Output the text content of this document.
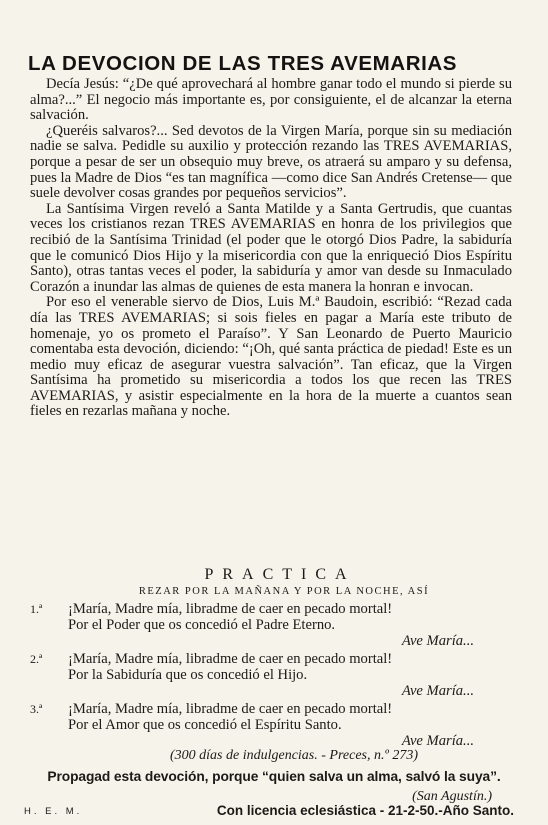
LA DEVOCION DE LAS TRES AVEMARIAS

Decía Jesús: “¿De qué aprovechará al hombre ganar todo el mundo si pierde su alma?...” El negocio más importante es, por consiguiente, el de alcanzar la eterna salvación.

¿Queréis salvaros?... Sed devotos de la Virgen María, porque sin su mediación nadie se salva. Pedidle su auxilio y protección rezando las TRES AVEMARIAS, porque a pesar de ser un obsequio muy breve, os atraerá su amparo y su defensa, pues la Madre de Dios “es tan magnífica —como dice San Andrés Cretense— que suele devolver cosas grandes por pequeños servicios”.

La Santísima Virgen reveló a Santa Matilde y a Santa Gertrudis, que cuantas veces los cristianos rezan TRES AVEMARIAS en honra de los privilegios que recibió de la Santísima Trinidad (el poder que le otorgó Dios Padre, la sabiduría que le comunicó Dios Hijo y la misericordia con que la enriqueció Dios Espíritu Santo), otras tantas veces el poder, la sabiduría y amor van desde su Inmaculado Corazón a inundar las almas de quienes de esta manera la honran e invocan.

Por eso el venerable siervo de Dios, Luis M.ª Baudoin, escribió: “Rezad cada día las TRES AVEMARIAS; si sois fieles en pagar a María este tributo de homenaje, yo os prometo el Paraíso”. Y San Leonardo de Puerto Mauricio comentaba esta devoción, diciendo: “¡Oh, qué santa práctica de piedad! Este es un medio muy eficaz de asegurar vuestra salvación”. Tan eficaz, que la Virgen Santísima ha prometido su misericordia a todos los que recen las TRES AVEMARIAS, y asistir especialmente en la hora de la muerte a cuantos sean fieles en rezarlas mañana y noche.

PRACTICA
REZAR POR LA MAÑANA Y POR LA NOCHE, ASÍ
1.ª ¡María, Madre mía, libradme de caer en pecado mortal!
Por el Poder que os concedió el Padre Eterno.
Ave María...
2.ª ¡María, Madre mía, libradme de caer en pecado mortal!
Por la Sabiduría que os concedió el Hijo.
Ave María...
3.ª ¡María, Madre mía, libradme de caer en pecado mortal!
Por el Amor que os concedió el Espíritu Santo.
Ave María...
(300 días de indulgencias. - Preces, n.º 273)
Propagad esta devoción, porque “quien salva un alma, salvó la suya”.
(San Agustín.)
H. E. M.	Con licencia eclesiástica - 21-2-50.-Año Santo.
